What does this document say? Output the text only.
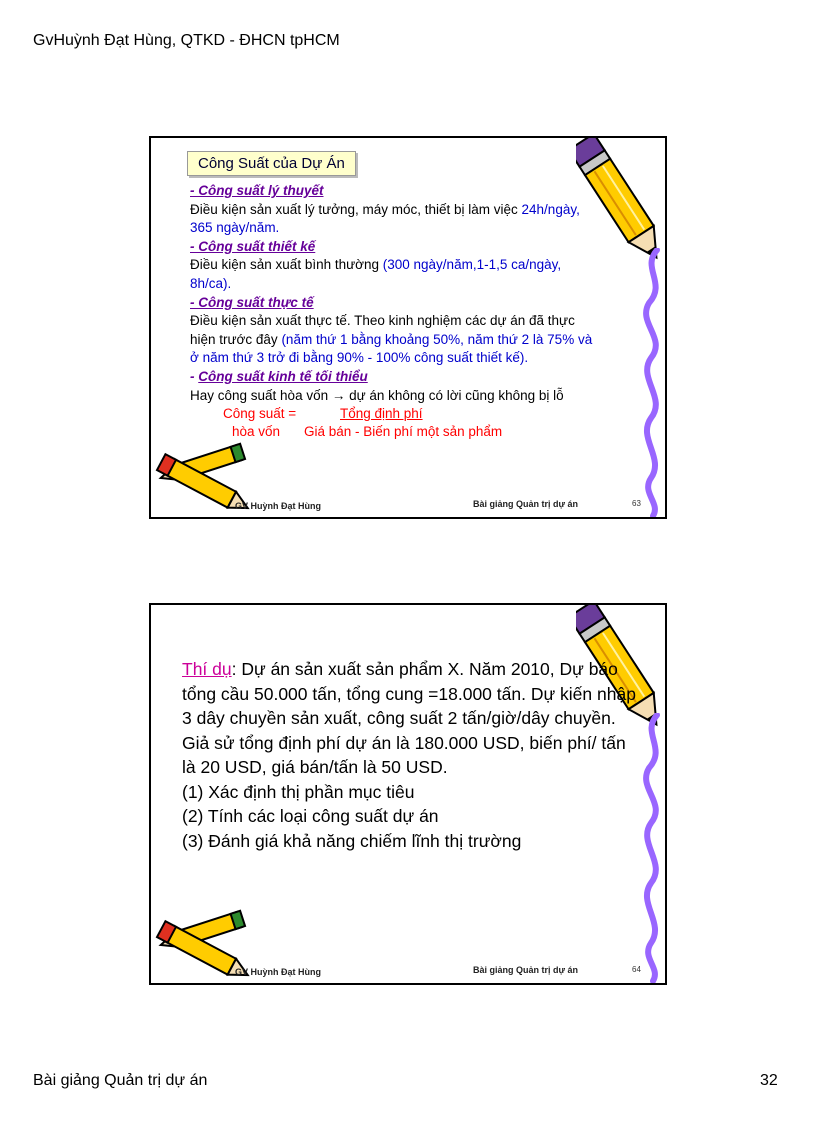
GvHuỳnh Đạt Hùng, QTKD - ĐHCN tpHCM
Công Suất của Dự Án
- Công suất lý thuyết
Điều kiện sản xuất lý tưởng, máy móc, thiết bị làm việc 24h/ngày,
365 ngày/năm.
- Công suất thiết kế
Điều kiện sản xuất bình thường (300 ngày/năm,1-1,5 ca/ngày,
8h/ca).
- Công suất thực tế
Điều kiện sản xuất thực tế. Theo kinh nghiệm các dự án đã thực
hiện trước đây (năm thứ 1 bằng khoảng 50%, năm thứ 2 là 75% và
ở năm thứ 3 trở đi bằng 90% - 100% công suất thiết kế).
- Công suất kinh tế tối thiểu
Hay công suất hòa vốn → dự án không có lời cũng không bị lỗ
Công suất =	Tổng định phí
hòa vốn Giá bán - Biến phí một sản phẩm
GV Huỳnh Đạt Hùng	Bài giảng Quản trị dự án	63
Thí dụ: Dự án sản xuất sản phẩm X. Năm 2010, Dự báo tổng cầu 50.000 tấn, tổng cung =18.000 tấn. Dự kiến nhập 3 dây chuyền sản xuất, công suất 2 tấn/giờ/dây chuyền. Giả sử tổng định phí dự án là 180.000 USD, biến phí/ tấn là 20 USD, giá bán/tấn là 50 USD.
(1) Xác định thị phần mục tiêu
(2) Tính các loại công suất dự án
(3) Đánh giá khả năng chiếm lĩnh thị trường
GV Huỳnh Đạt Hùng	Bài giảng Quản trị dự án	64
Bài giảng Quản trị dự án	32
